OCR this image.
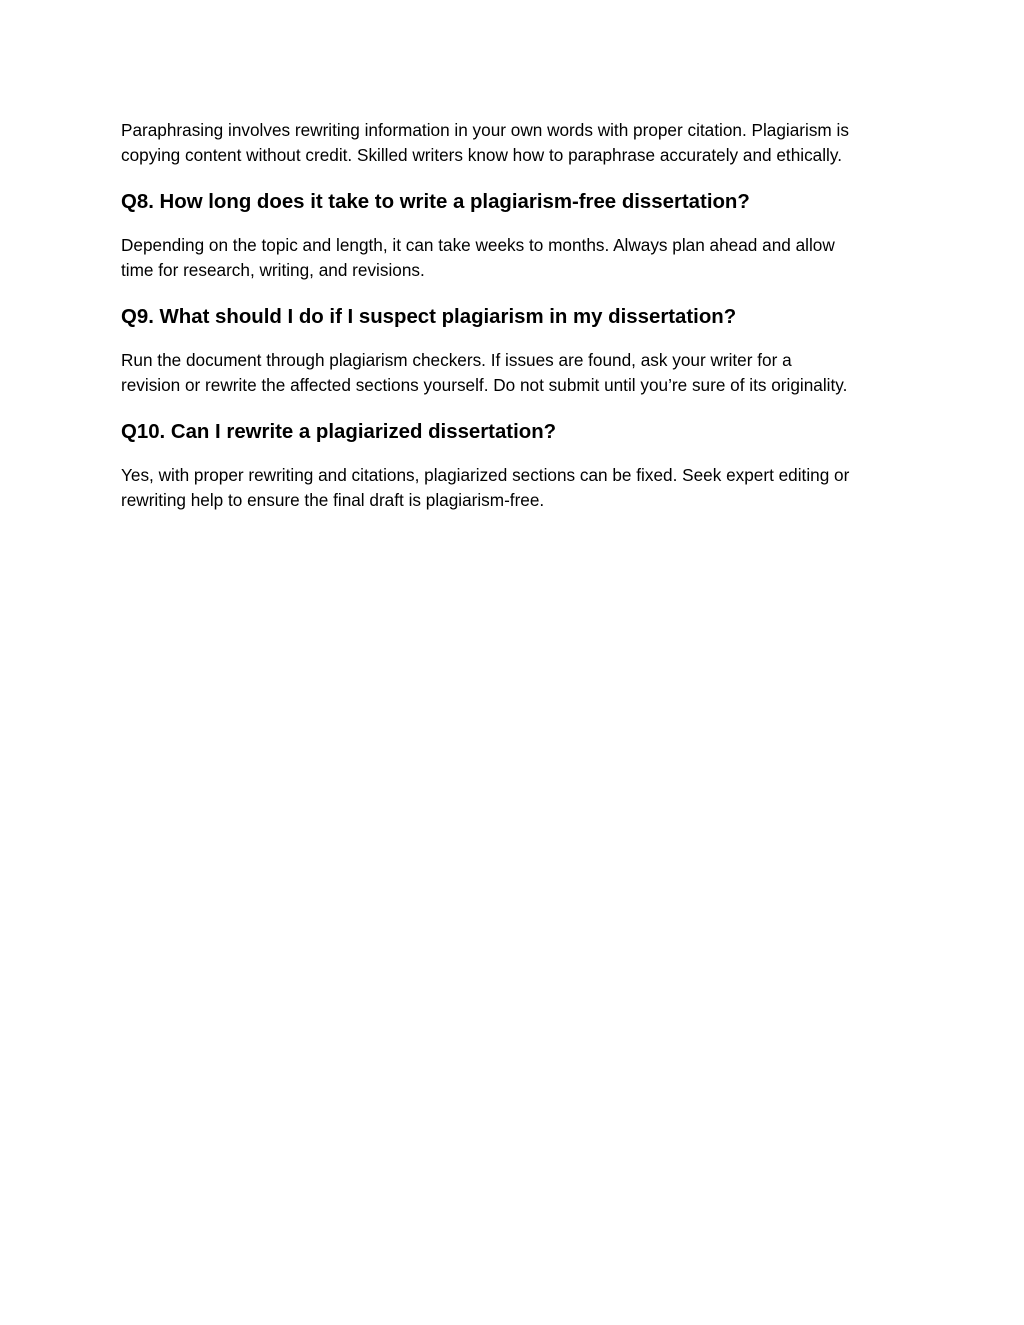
Paraphrasing involves rewriting information in your own words with proper citation. Plagiarism is
copying content without credit. Skilled writers know how to paraphrase accurately and ethically.

Q8. How long does it take to write a plagiarism-free dissertation?

Depending on the topic and length, it can take weeks to months. Always plan ahead and allow
time for research, writing, and revisions.

Q9. What should I do if I suspect plagiarism in my dissertation?

Run the document through plagiarism checkers. If issues are found, ask your writer for a
revision or rewrite the affected sections yourself. Do not submit until you’re sure of its originality.

Q10. Can I rewrite a plagiarized dissertation?

Yes, with proper rewriting and citations, plagiarized sections can be fixed. Seek expert editing or
rewriting help to ensure the final draft is plagiarism-free.
